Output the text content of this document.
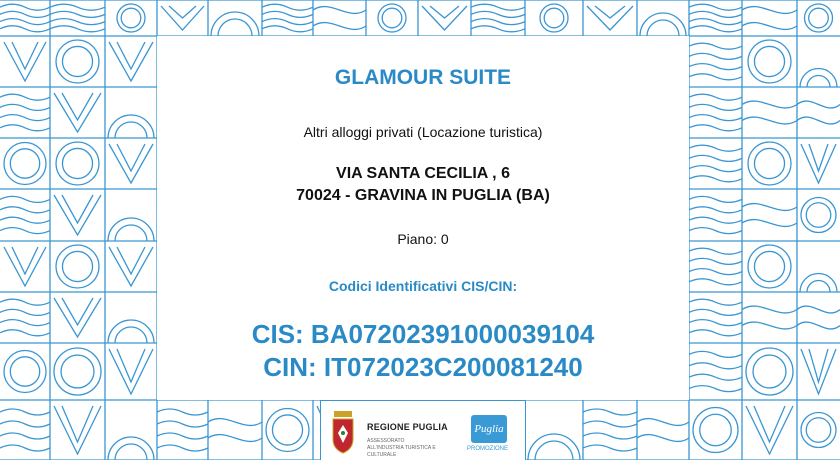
GLAMOUR SUITE
Altri alloggi privati (Locazione turistica)
VIA SANTA CECILIA , 6
70024 - GRAVINA IN PUGLIA (BA)
Piano: 0
Codici Identificativi CIS/CIN:
CIS: BA07202391000039104
CIN: IT072023C200081240
REGIONE PUGLIA
ASSESSORATO ALL'INDUSTRIA TURISTICA E CULTURALE
Puglia
PROMOZIONE
